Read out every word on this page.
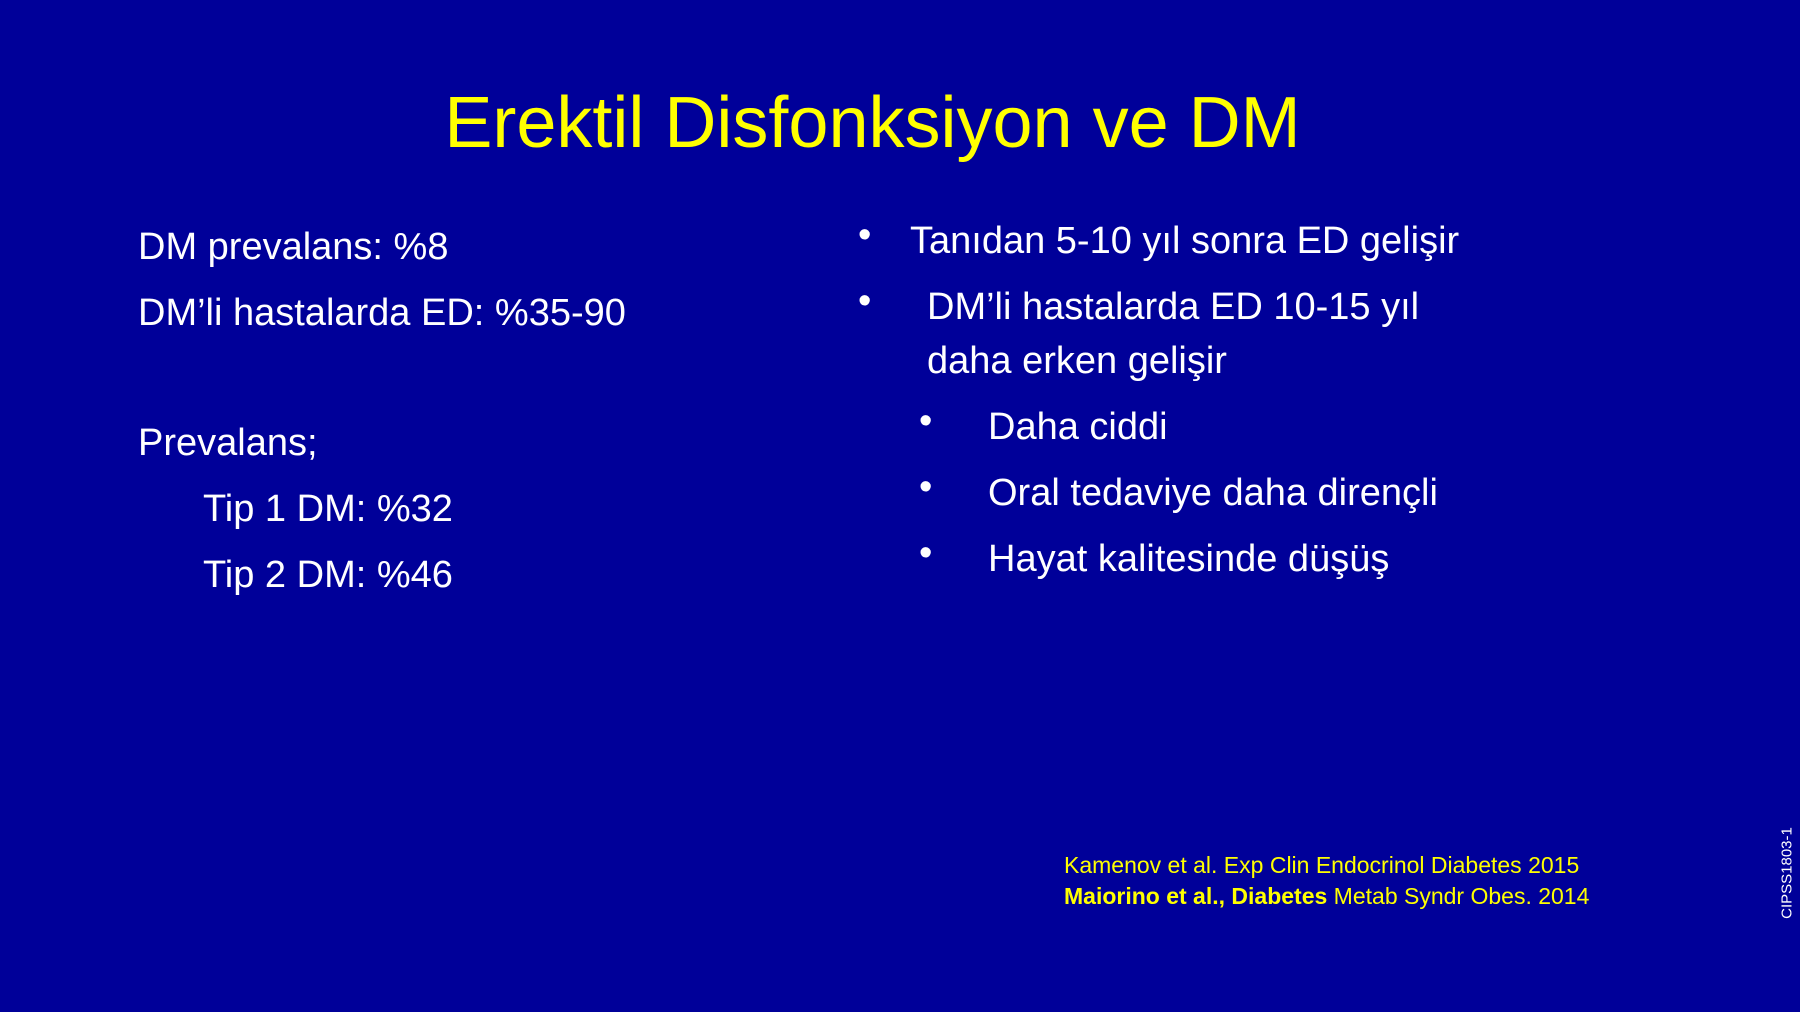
Erektil Disfonksiyon ve DM
DM prevalans: %8
DM’li hastalarda ED: %35-90
Prevalans;
Tip 1 DM: %32
Tip 2 DM: %46
•	Tanıdan 5-10 yıl sonra ED gelişir
•	DM’li hastalarda ED 10-15 yıl
daha erken gelişir
•	Daha ciddi
•	Oral tedaviye daha dirençli
•	Hayat kalitesinde düşüş
Kamenov et al. Exp Clin Endocrinol Diabetes 2015
Maiorino et al., Diabetes Metab Syndr Obes. 2014	CIPSS1803-1
